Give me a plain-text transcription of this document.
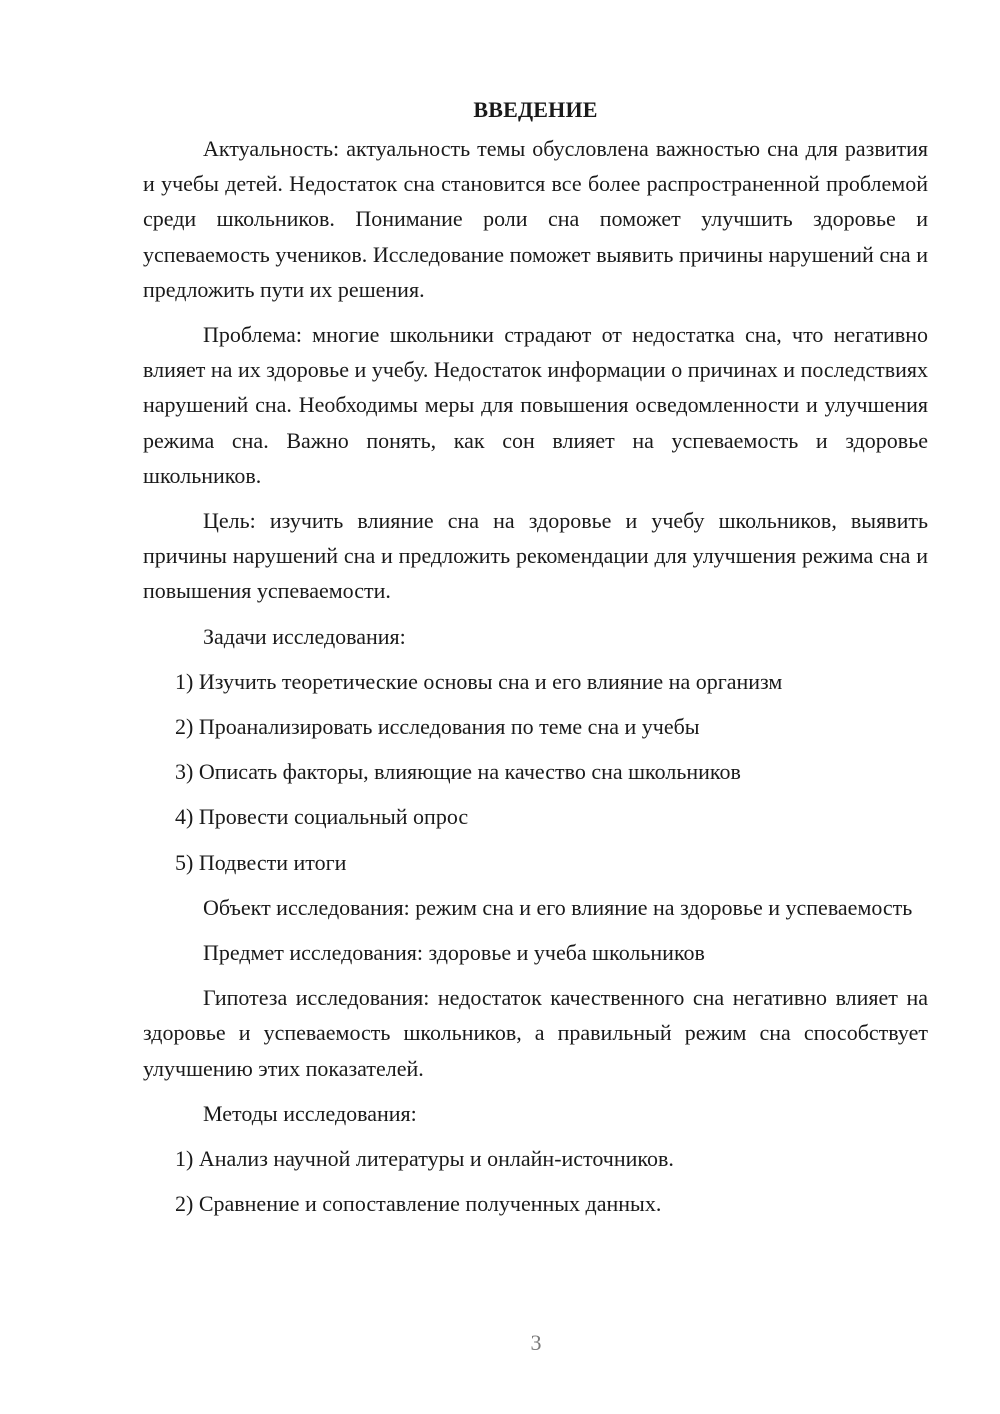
ВВЕДЕНИЕ

Актуальность: актуальность темы обусловлена важностью сна для развития и учебы детей. Недостаток сна становится все более распространенной проблемой среди школьников. Понимание роли сна поможет улучшить здоровье и успеваемость учеников. Исследование поможет выявить причины нарушений сна и предложить пути их решения.

Проблема: многие школьники страдают от недостатка сна, что негативно влияет на их здоровье и учебу. Недостаток информации о причинах и последствиях нарушений сна. Необходимы меры для повышения осведомленности и улучшения режима сна. Важно понять, как сон влияет на успеваемость и здоровье школьников.

Цель: изучить влияние сна на здоровье и учебу школьников, выявить причины нарушений сна и предложить рекомендации для улучшения режима сна и повышения успеваемости.

Задачи исследования:

1) Изучить теоретические основы сна и его влияние на организм
2) Проанализировать исследования по теме сна и учебы
3) Описать факторы, влияющие на качество сна школьников
4) Провести социальный опрос
5) Подвести итоги

Объект исследования: режим сна и его влияние на здоровье и успеваемость

Предмет исследования: здоровье и учеба школьников

Гипотеза исследования: недостаток качественного сна негативно влияет на здоровье и успеваемость школьников, а правильный режим сна способствует улучшению этих показателей.

Методы исследования:

1) Анализ научной литературы и онлайн-источников.
2) Сравнение и сопоставление полученных данных.
3
